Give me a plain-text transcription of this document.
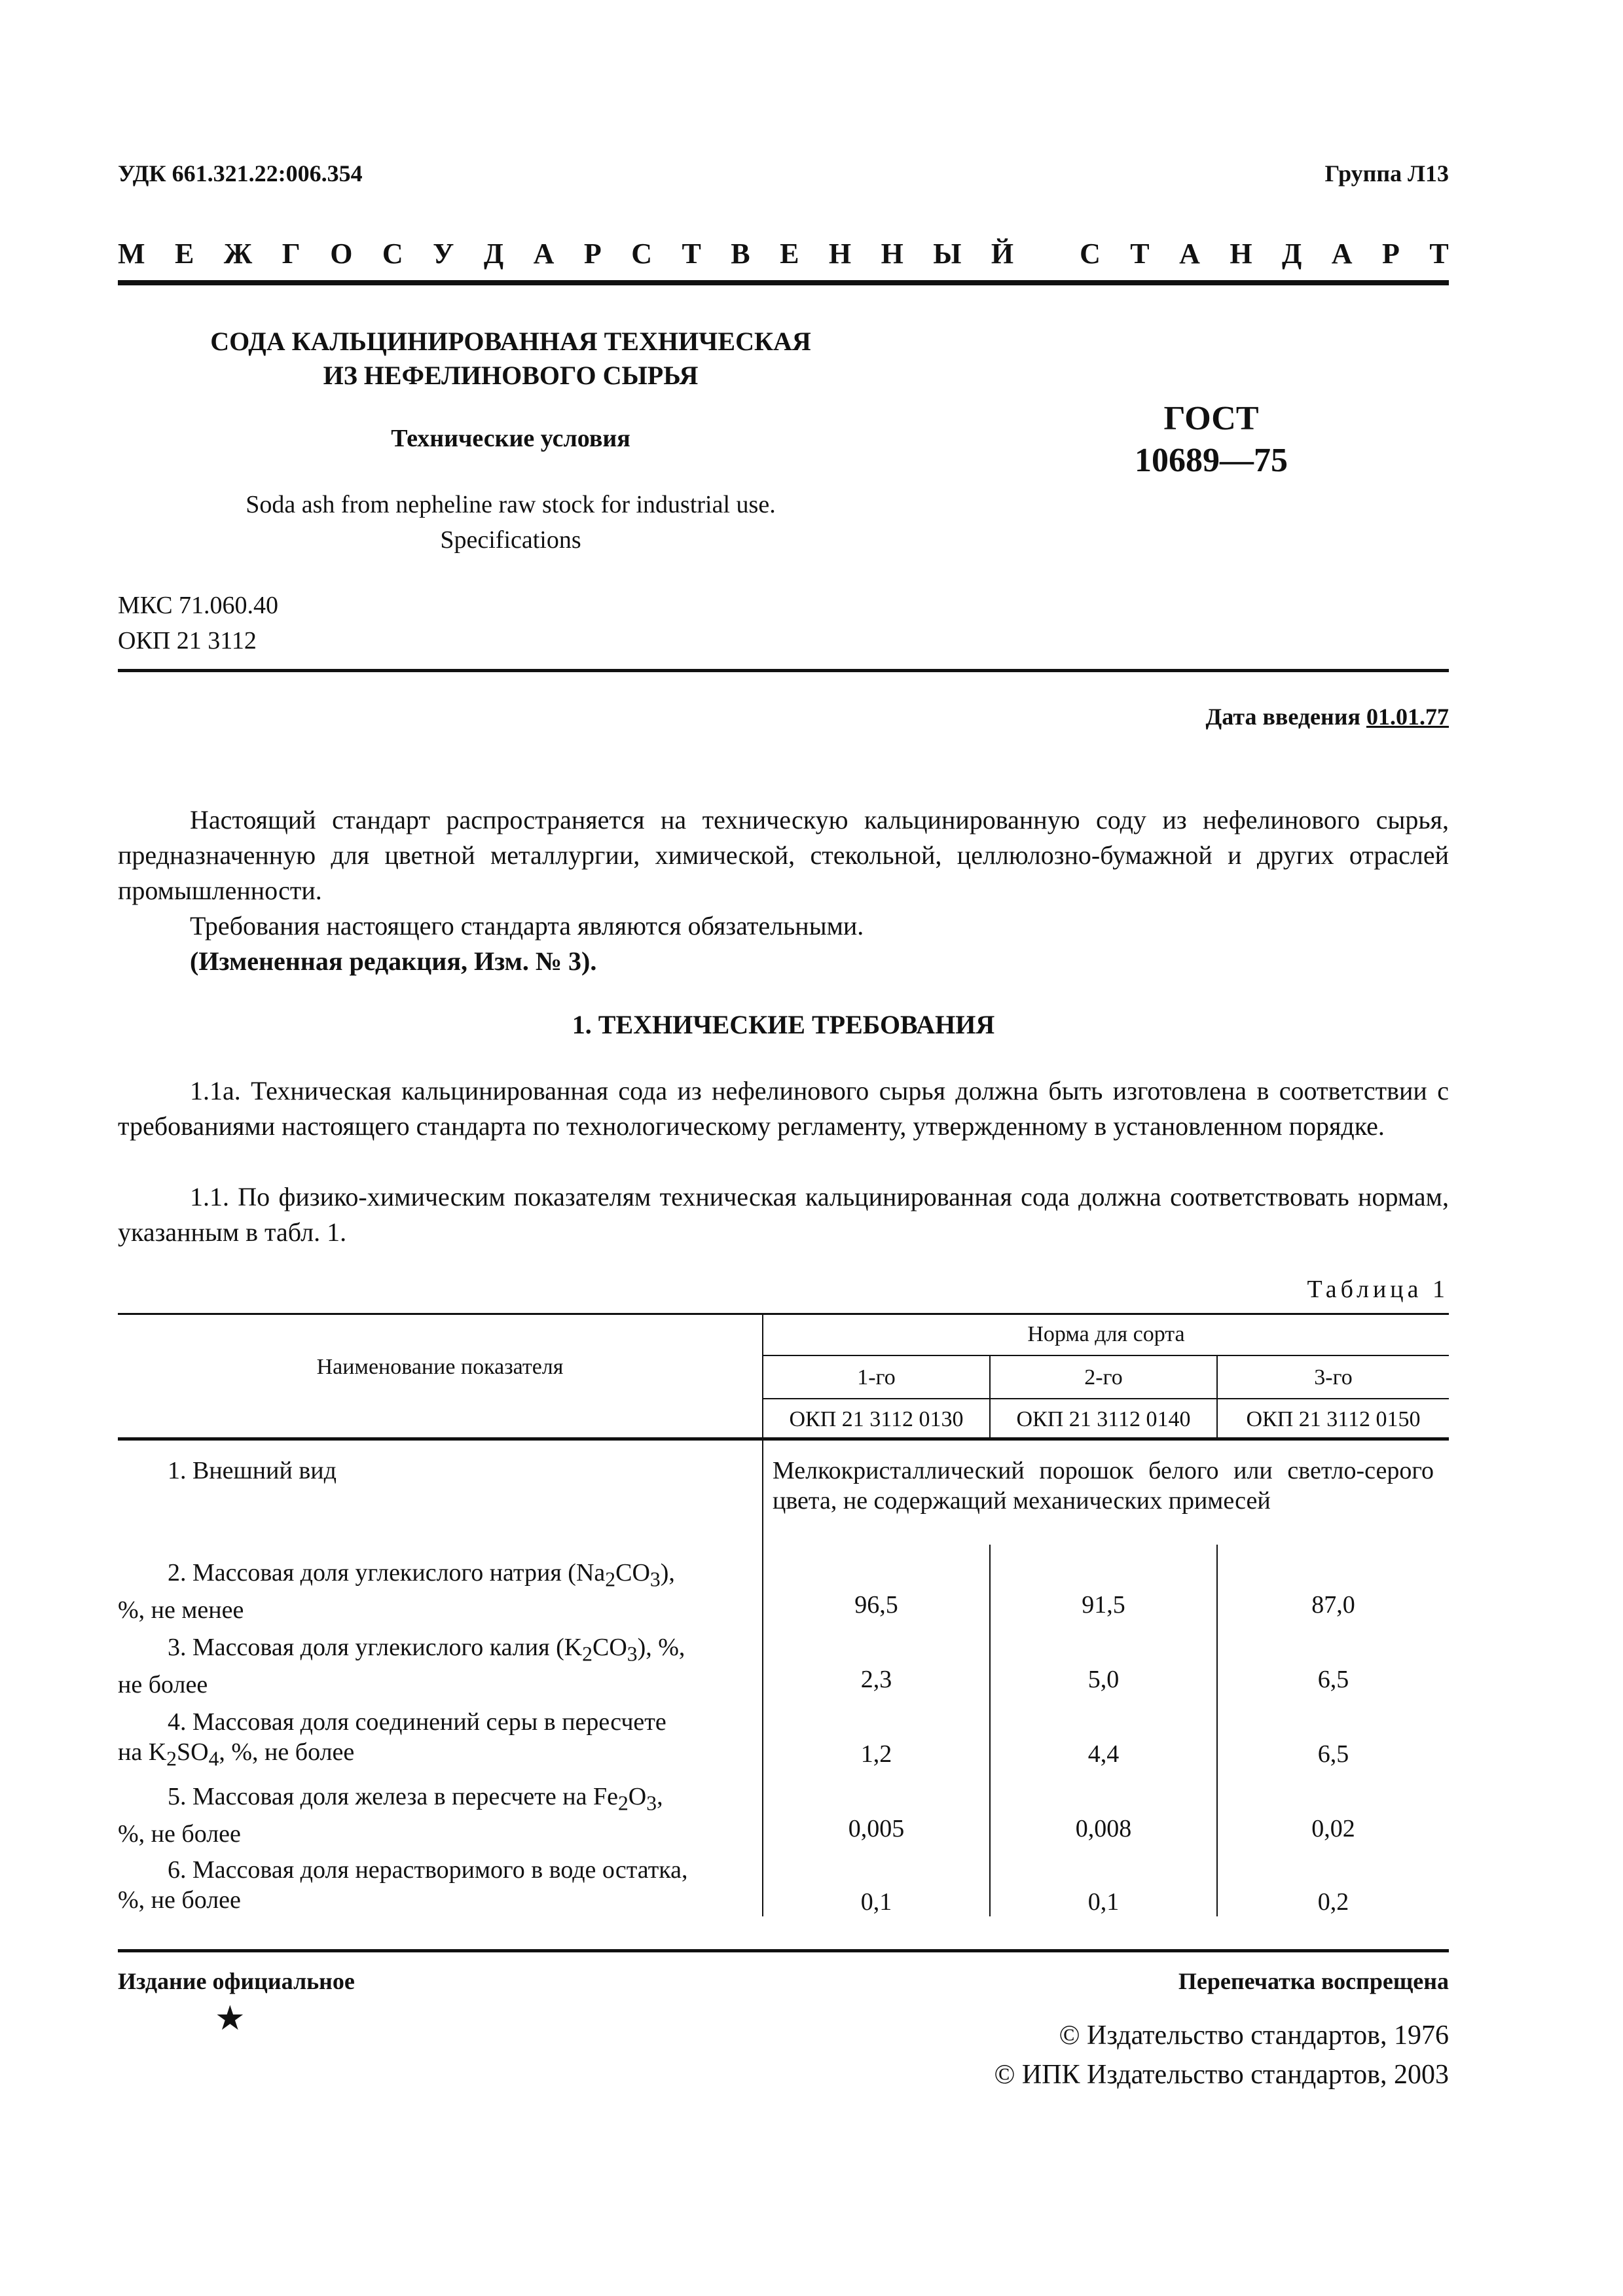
УДК 661.321.22:006.354	Группа Л13
М Е Ж Г О С У Д А Р С Т В Е Н Н Ы Й С Т А Н Д А Р Т
СОДА КАЛЬЦИНИРОВАННАЯ ТЕХНИЧЕСКАЯ
ИЗ НЕФЕЛИНОВОГО СЫРЬЯ
Технические условия
Soda ash from nepheline raw stock for industrial use.
Specifications
ГОСТ
10689—75
МКС 71.060.40
ОКП 21 3112
Дата введения 01.01.77
Настоящий стандарт распространяется на техническую кальцинированную соду из нефелинового сырья, предназначенную для цветной металлургии, химической, стекольной, целлюлозно-бумажной и других отраслей промышленности.
Требования настоящего стандарта являются обязательными.
(Измененная редакция, Изм. № 3).
1. ТЕХНИЧЕСКИЕ ТРЕБОВАНИЯ
1.1а. Техническая кальцинированная сода из нефелинового сырья должна быть изготовлена в соответствии с требованиями настоящего стандарта по технологическому регламенту, утвержденному в установленном порядке.
1.1. По физико-химическим показателям техническая кальцинированная сода должна соответствовать нормам, указанным в табл. 1.
Таблица 1
Наименование показателя
Норма для сорта
1-го	2-го	3-го
ОКП 21 3112 0130	ОКП 21 3112 0140	ОКП 21 3112 0150
1. Внешний вид	Мелкокристаллический порошок белого или светло-серого цвета, не содержащий механических примесей
2. Массовая доля углекислого натрия $(Na_2CO_3)$,
%, не менее	96,5	91,5	87,0
3. Массовая доля углекислого калия $(K_2CO_3)$, %,
не более	2,3	5,0	6,5
4. Массовая доля соединений серы в пересчете
на $K_2SO_4$, %, не более	1,2	4,4	6,5
5. Массовая доля железа в пересчете на $Fe_2O_3$,
%, не более	0,005	0,008	0,02
6. Массовая доля нерастворимого в воде остатка,
%, не более	0,1	0,1	0,2
Издание официальное	Перепечатка воспрещена
★	© Издательство стандартов, 1976
© ИПК Издательство стандартов, 2003
